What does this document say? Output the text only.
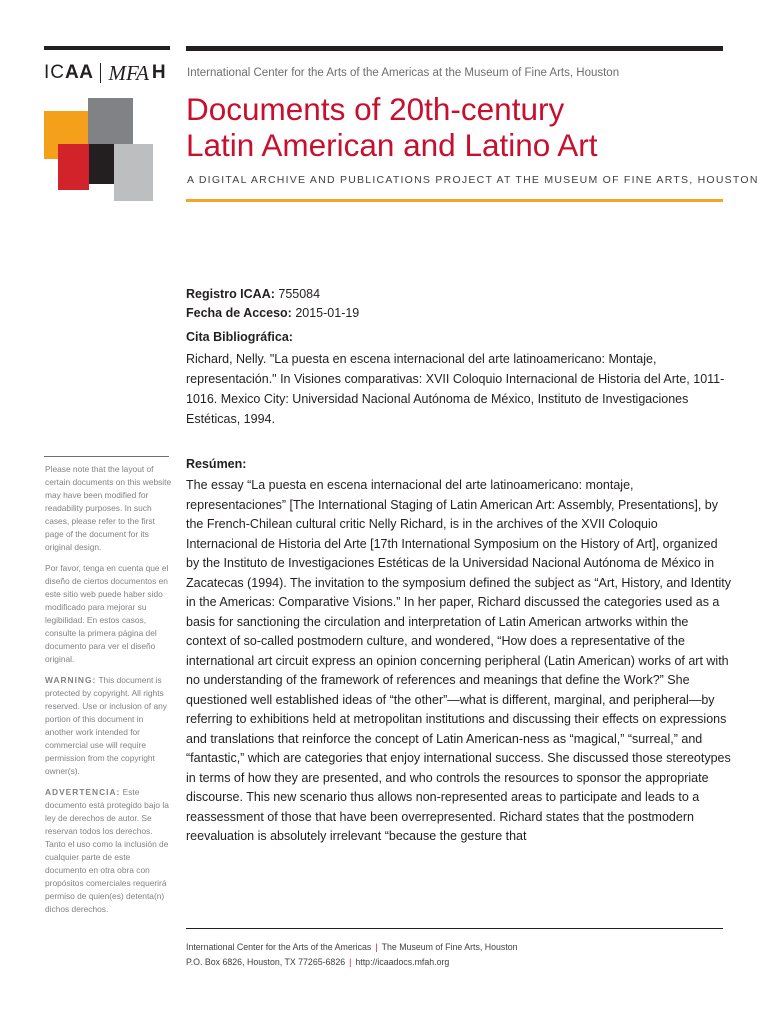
IC AA MFA H International Center for the Arts of the Americas at the Museum of Fine Arts, Houston
Documents of 20th-century
Latin American and Latino Art
A DIGITAL ARCHIVE AND PUBLICATIONS PROJECT AT THE MUSEUM OF FINE ARTS, HOUSTON
Registro ICAA: 755084
Fecha de Acceso: 2015-01-19
Cita Bibliográfica:
Richard, Nelly. "La puesta en escena internacional del arte latinoamericano: Montaje, representación." In Visiones comparativas: XVII Coloquio Internacional de Historia del Arte, 1011-1016. Mexico City: Universidad Nacional Autónoma de México, Instituto de Investigaciones Estéticas, 1994.
Resúmen:
The essay “La puesta en escena internacional del arte latinoamericano: montaje, representaciones” [The International Staging of Latin American Art: Assembly, Presentations], by the French-Chilean cultural critic Nelly Richard, is in the archives of the XVII Coloquio Internacional de Historia del Arte [17th International Symposium on the History of Art], organized by the Instituto de Investigaciones Estéticas de la Universidad Nacional Autónoma de México in Zacatecas (1994). The invitation to the symposium defined the subject as “Art, History, and Identity in the Americas: Comparative Visions.” In her paper, Richard discussed the categories used as a basis for sanctioning the circulation and interpretation of Latin American artworks within the context of so-called postmodern culture, and wondered, “How does a representative of the international art circuit express an opinion concerning peripheral (Latin American) works of art with no understanding of the framework of references and meanings that define the Work?” She questioned well established ideas of “the other”—what is different, marginal, and peripheral—by referring to exhibitions held at metropolitan institutions and discussing their effects on expressions and translations that reinforce the concept of Latin American-ness as “magical,” “surreal,” and “fantastic,” which are categories that enjoy international success. She discussed those stereotypes in terms of how they are presented, and who controls the resources to sponsor the appropriate discourse. This new scenario thus allows non-represented areas to participate and leads to a reassessment of those that have been overrepresented. Richard states that the postmodern reevaluation is absolutely irrelevant “because the gesture that

Please note that the layout of certain documents on this website may have been modified for readability purposes. In such cases, please refer to the first page of the document for its original design.

Por favor, tenga en cuenta que el diseño de ciertos documentos en este sitio web puede haber sido modificado para mejorar su legibilidad. En estos casos, consulte la primera página del documento para ver el diseño original.

WARNING: This document is protected by copyright. All rights reserved. Use or inclusion of any portion of this document in another work intended for commercial use will require permission from the copyright owner(s).

ADVERTENCIA: Este documento está protegido bajo la ley de derechos de autor. Se reservan todos los derechos. Tanto el uso como la inclusión de cualquier parte de este documento en otra obra con propósitos comerciales requerirá permiso de quien(es) detenta(n) dichos derechos.

International Center for the Arts of the Americas | The Museum of Fine Arts, Houston
P.O. Box 6826, Houston, TX 77265-6826 | http://icaadocs.mfah.org
